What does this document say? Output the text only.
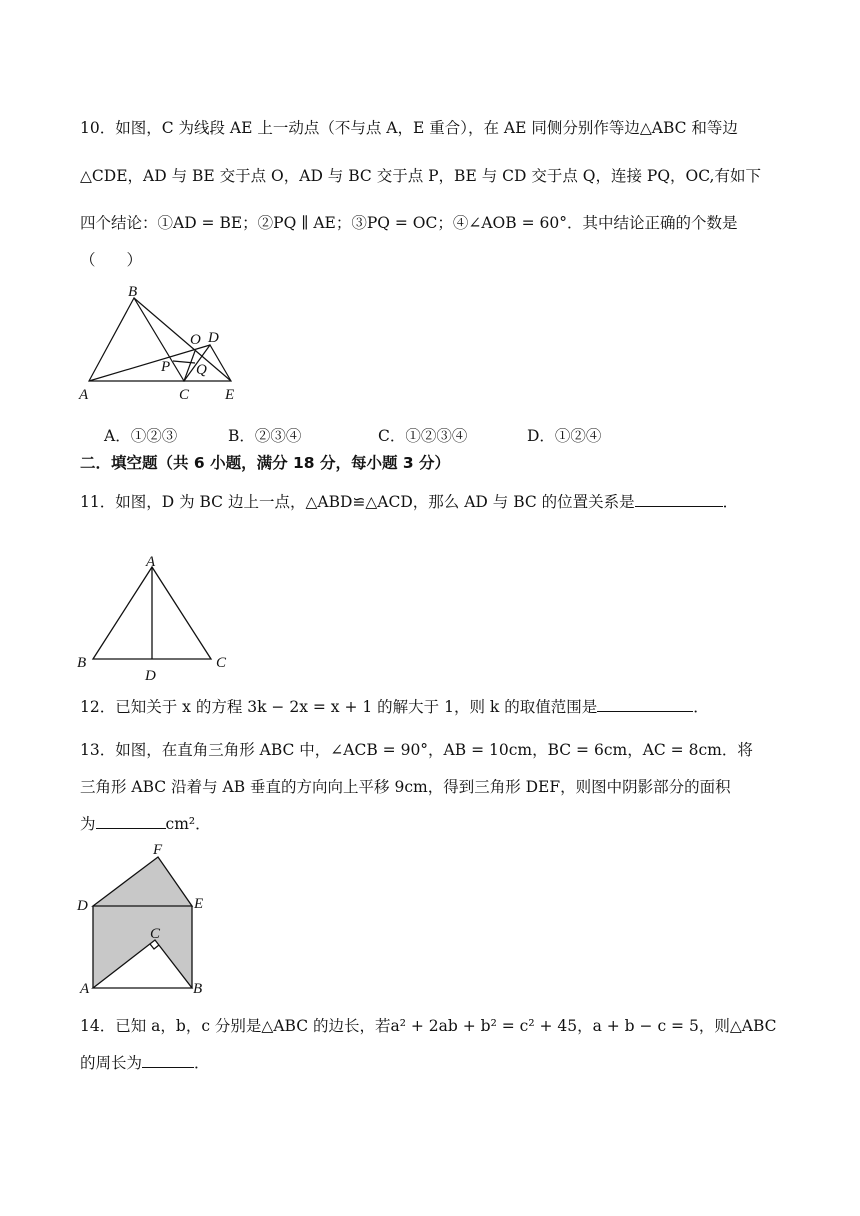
10．如图，C 为线段 AE 上一动点（不与点 A，E 重合），在 AE 同侧分别作等边△ABC 和等边
△CDE，AD 与 BE 交于点 O，AD 与 BC 交于点 P，BE 与 CD 交于点 Q，连接 PQ，OC,有如下
四个结论：①AD = BE；②PQ ∥ AE；③PQ = OC；④∠AOB = 60°．其中结论正确的个数是
（　　）
B
A	C E
O D
P Q
A．①②③	B．②③④	C．①②③④	D．①②④
二．填空题（共 6 小题，满分 18 分，每小题 3 分）
11．如图，D 为 BC 边上一点，△ABD≌△ACD，那么 AD 与 BC 的位置关系是	．
A
B	C
D
12．已知关于 x 的方程 3k − 2x = x + 1 的解大于 1，则 k 的取值范围是	．
13．如图，在直角三角形 ABC 中，∠ACB = 90°，AB = 10cm，BC = 6cm，AC = 8cm．将
三角形 ABC 沿着与 AB 垂直的方向向上平移 9cm，得到三角形 DEF，则图中阴影部分的面积
为	cm²．
F
D	E
C
A	B
14．已知 a，b，c 分别是△ABC 的边长，若a² + 2ab + b² = c² + 45，a + b − c = 5，则△ABC
的周长为	．
